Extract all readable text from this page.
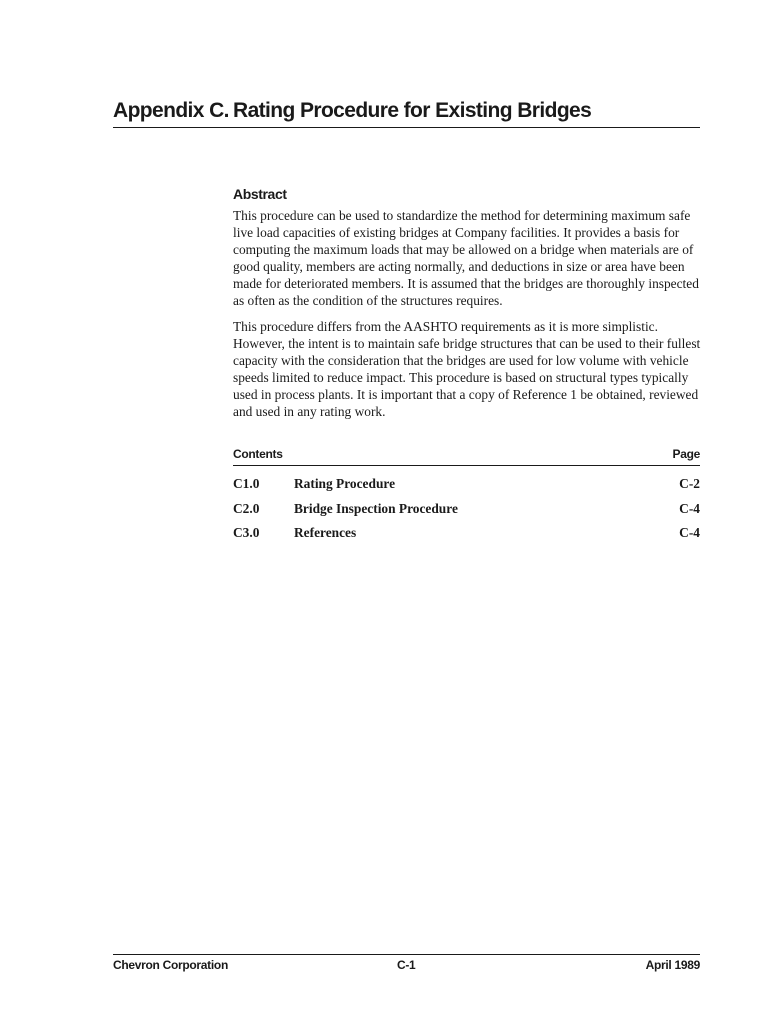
Appendix C. Rating Procedure for Existing Bridges
Abstract

This procedure can be used to standardize the method for determining maximum safe live load capacities of existing bridges at Company facilities. It provides a basis for computing the maximum loads that may be allowed on a bridge when materials are of good quality, members are acting normally, and deductions in size or area have been made for deteriorated members. It is assumed that the bridges are thoroughly inspected as often as the condition of the structures requires.

This procedure differs from the AASHTO requirements as it is more simplistic. However, the intent is to maintain safe bridge structures that can be used to their fullest capacity with the consideration that the bridges are used for low volume with vehicle speeds limited to reduce impact. This procedure is based on structural types typically used in process plants. It is important that a copy of Reference 1 be obtained, reviewed and used in any rating work.

Contents	Page
C1.0	Rating Procedure	C-2
C2.0	Bridge Inspection Procedure	C-4
C3.0	References	C-4
Chevron Corporation	C-1	April 1989
